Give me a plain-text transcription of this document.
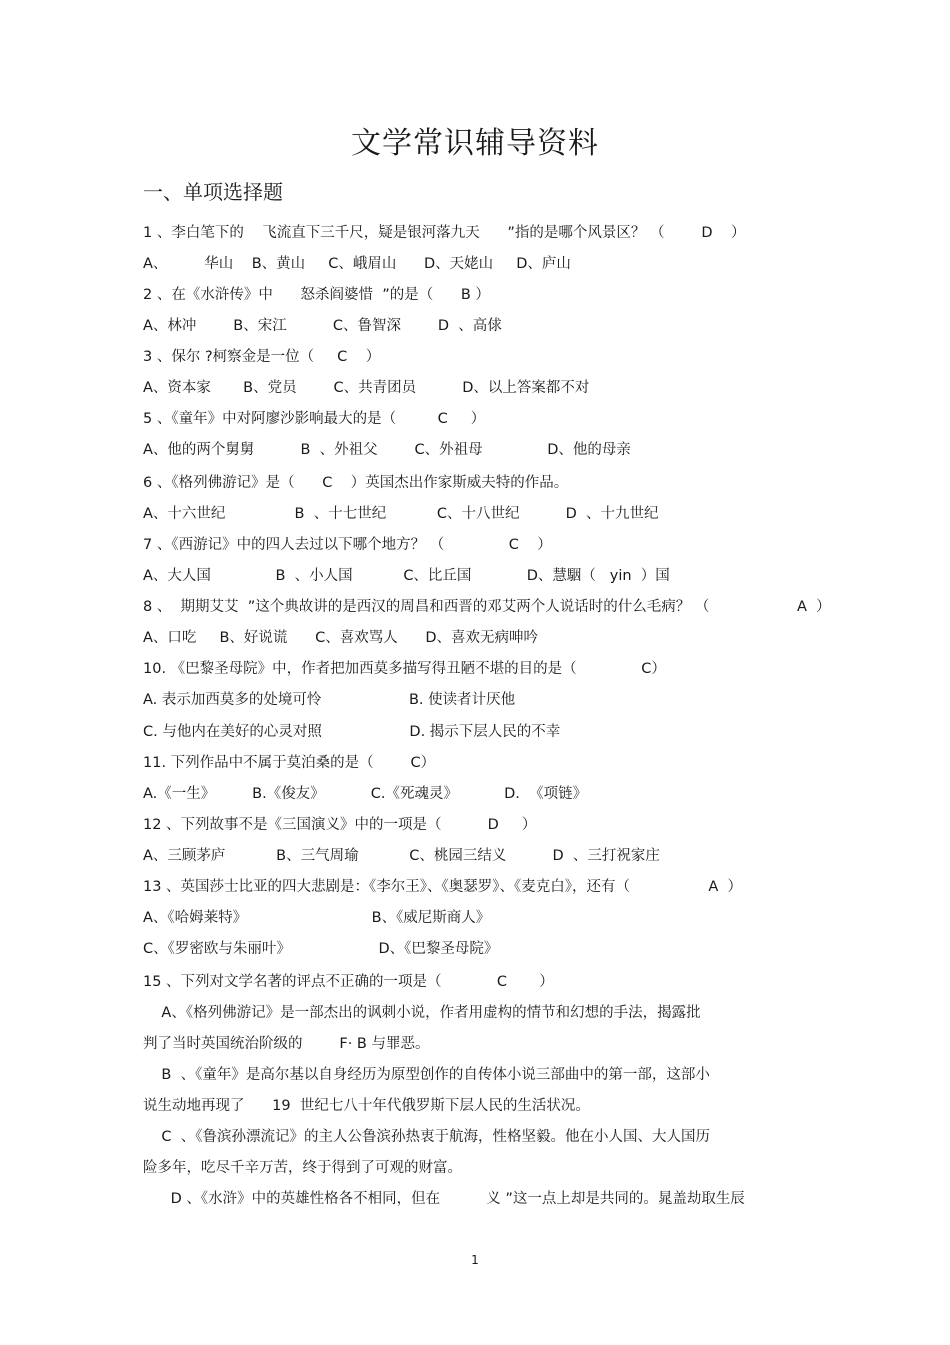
文学常识辅导资料
一、单项选择题
1 、李白笔下的    飞流直下三千尺，疑是银河落九天      ”指的是哪个风景区？ （        D    ）
A、        华山    B、黄山     C、峨眉山      D、天姥山     D、庐山
2 、在《水浒传》中      怒杀阎婆惜  ”的是（      B ）
A、林冲        B、宋江          C、鲁智深        D  、高俅
3 、保尔 ?柯察金是一位（     C    ）
A、资本家       B、党员        C、共青团员          D、以上答案都不对
5 、《童年》中对阿廖沙影响最大的是（         C     ）
A、他的两个舅舅          B  、外祖父        C、外祖母              D、他的母亲
6 、《格列佛游记》是（      C    ）英国杰出作家斯威夫特的作品。
A、十六世纪               B  、十七世纪           C、十八世纪          D  、十九世纪
7 、《西游记》中的四人去过以下哪个地方？ （              C    ）
A、大人国              B  、小人国           C、比丘国            D、慧駰（   yin  ）国
8 、  期期艾艾  ”这个典故讲的是西汉的周昌和西晋的邓艾两个人说话时的什么毛病？ （                   A  ）
A、口吃     B、好说谎      C、喜欢骂人      D、喜欢无病呻吟
10. 《巴黎圣母院》中，作者把加西莫多描写得丑陋不堪的目的是（              C）
A. 表示加西莫多的处境可怜                   B. 使读者计厌他
C. 与他内在美好的心灵对照                   D. 揭示下层人民的不幸
11. 下列作品中不属于莫泊桑的是（        C）
A.《一生》        B.《俊友》          C.《死魂灵》          D.  《项链》
12 、下列故事不是《三国演义》中的一项是（          D     ）
A、三顾茅庐           B、三气周瑜           C、桃园三结义          D  、三打祝家庄
13 、英国莎士比亚的四大悲剧是：《李尔王》、《奥瑟罗》、《麦克白》，还有（                 A  ）
A、《哈姆莱特》                           B、《威尼斯商人》
C、《罗密欧与朱丽叶》                   D、《巴黎圣母院》
15 、下列对文学名著的评点不正确的一项是（            C       ）
A、《格列佛游记》是一部杰出的讽刺小说，作者用虚构的情节和幻想的手法，揭露批
判了当时英国统治阶级的        F· B 与罪恶。
B  、《童年》是高尔基以自身经历为原型创作的自传体小说三部曲中的第一部，这部小
说生动地再现了      19  世纪七八十年代俄罗斯下层人民的生活状况。
C  、《鲁滨孙漂流记》的主人公鲁滨孙热衷于航海，性格坚毅。他在小人国、大人国历
险多年，吃尽千辛万苦，终于得到了可观的财富。
D 、《水浒》中的英雄性格各不相同，但在          义 ”这一点上却是共同的。晁盖劫取生辰
1
